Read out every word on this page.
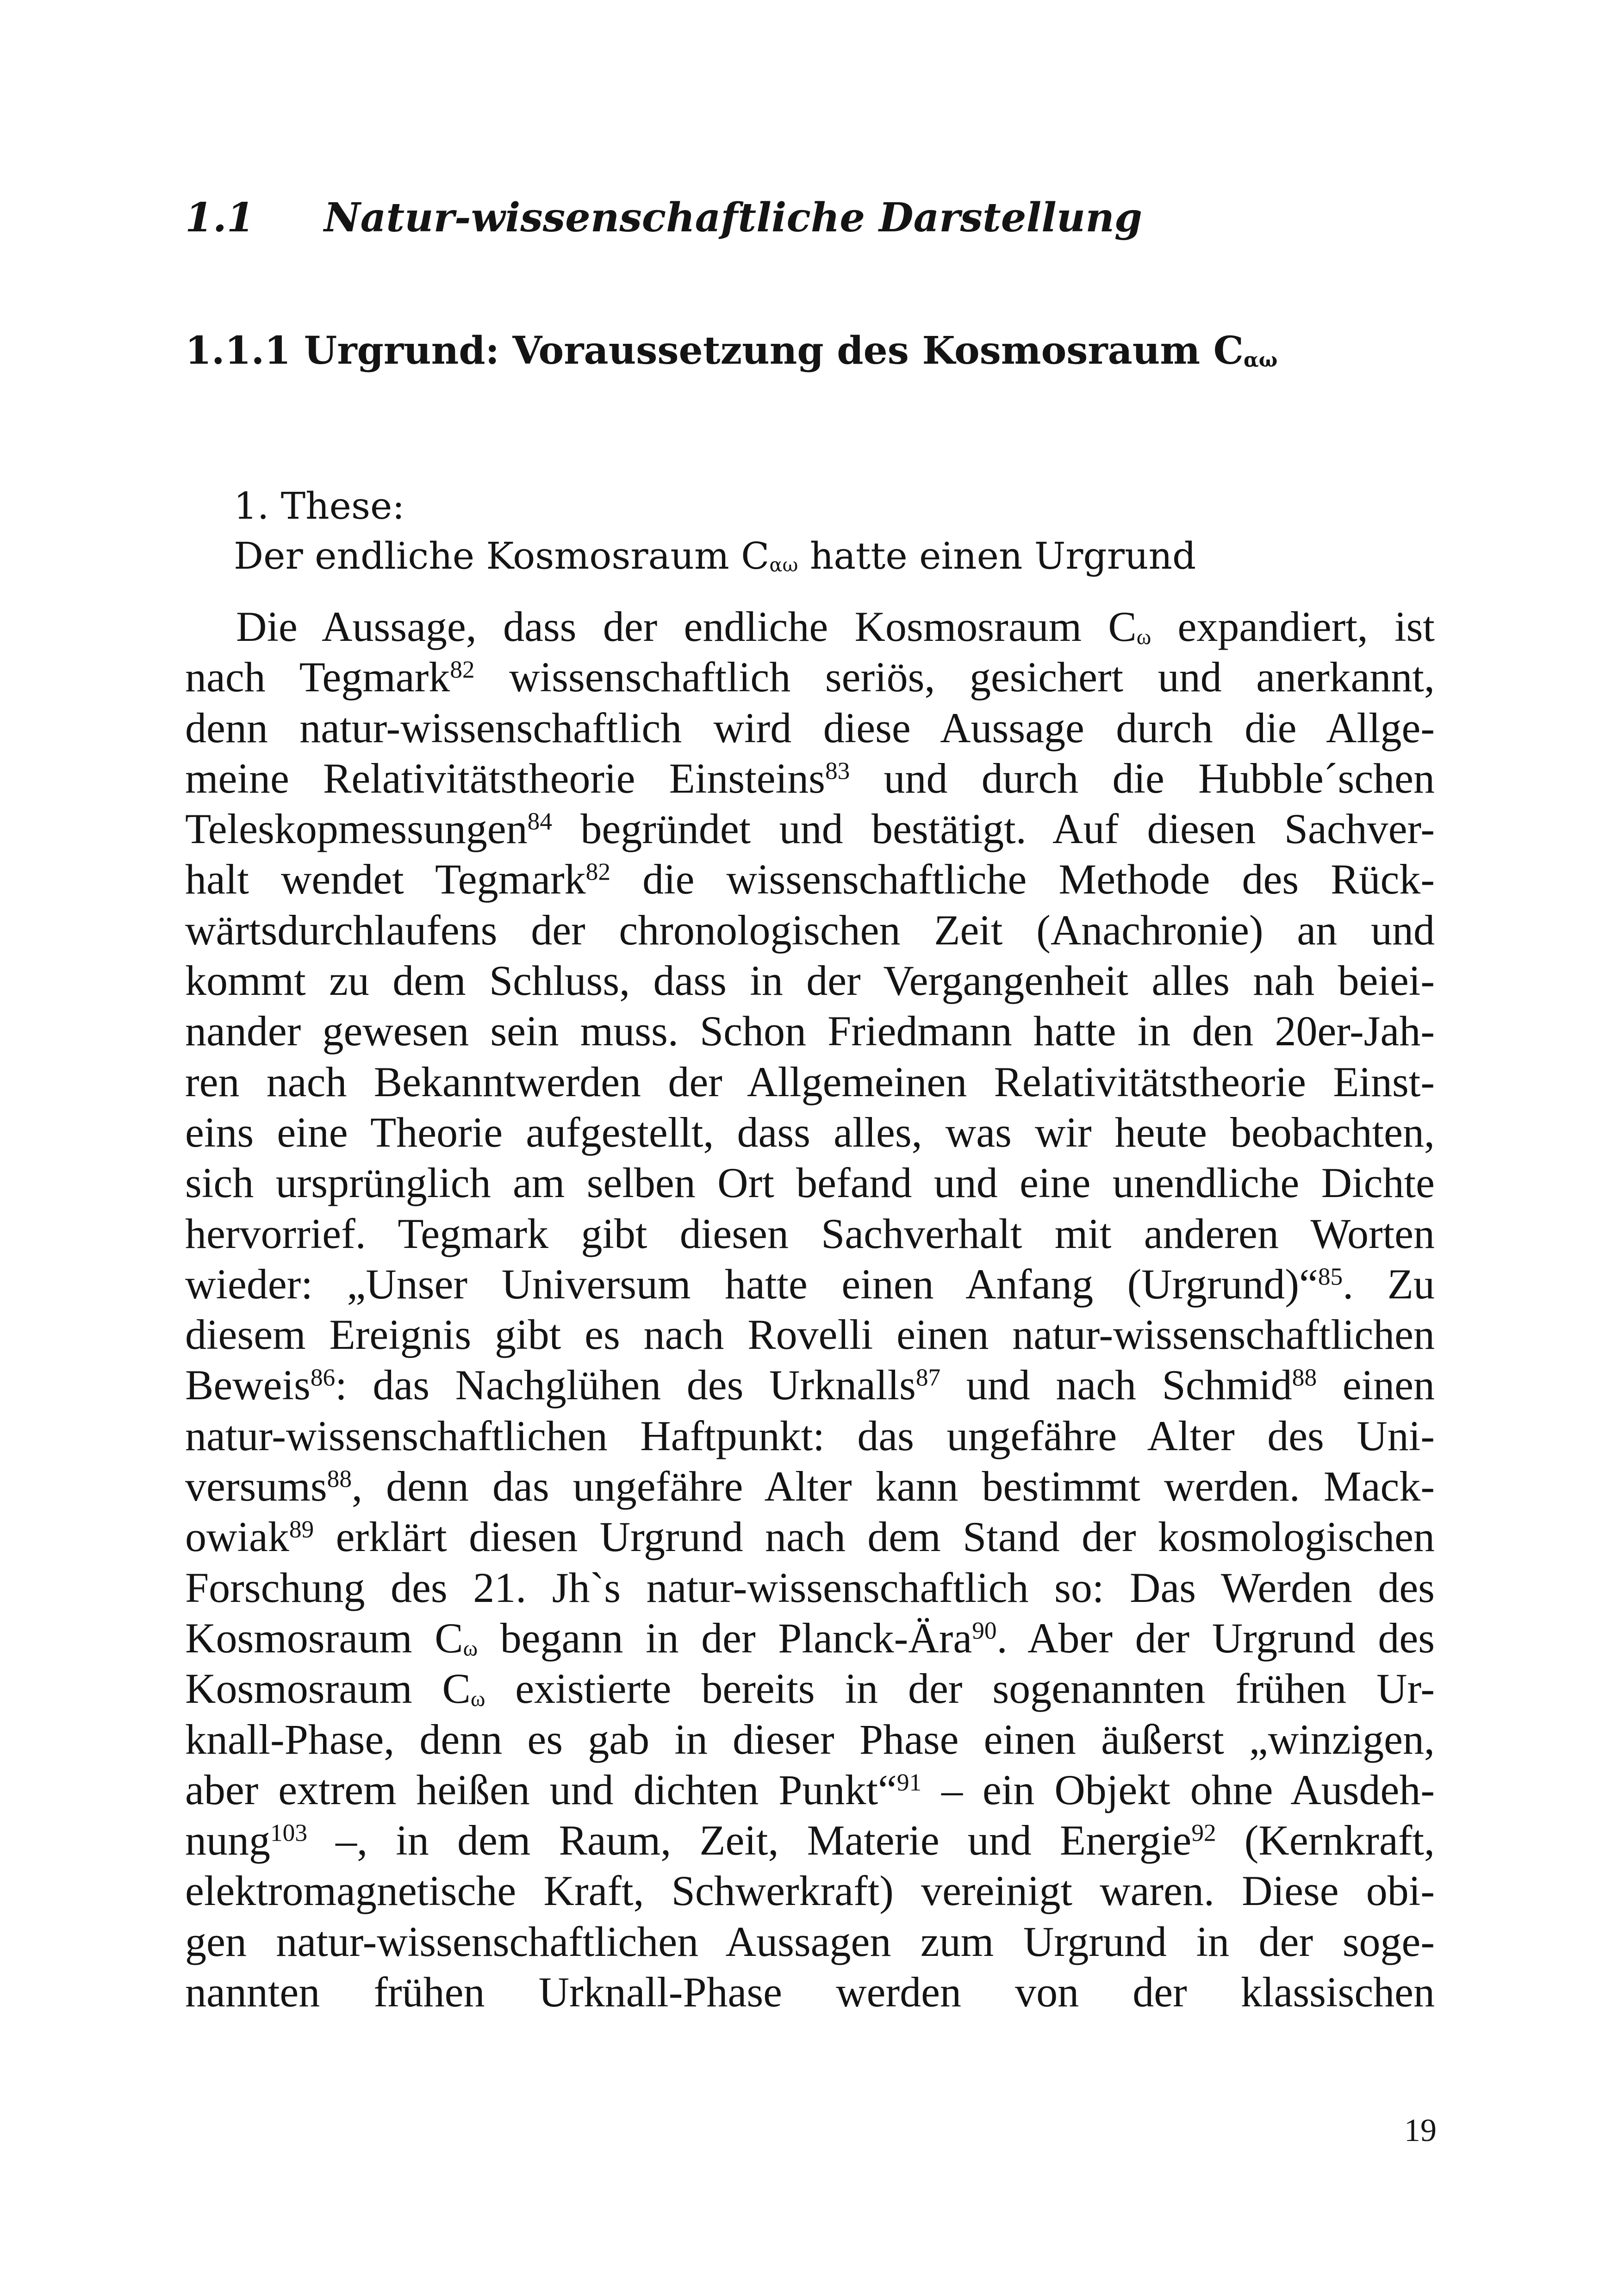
1.1 Natur-wissenschaftliche Darstellung
1.1.1 Urgrund: Voraussetzung des Kosmosraum $C_{\alpha\omega}$
1. These:
Der endliche Kosmosraum $C_{\alpha\omega}$ hatte einen Urgrund
Die Aussage, dass der endliche Kosmosraum $C_\omega$ expandiert, ist
nach Tegmark$^{82}$ wissenschaftlich seriös, gesichert und anerkannt,
denn natur-wissenschaftlich wird diese Aussage durch die Allge-
meine Relativitätstheorie Einsteins$^{83}$ und durch die Hubble´schen
Teleskopmessungen$^{84}$ begründet und bestätigt. Auf diesen Sachver-
halt wendet Tegmark$^{82}$ die wissenschaftliche Methode des Rück-
wärtsdurchlaufens der chronologischen Zeit (Anachronie) an und
kommt zu dem Schluss, dass in der Vergangenheit alles nah beiei-
nander gewesen sein muss. Schon Friedmann hatte in den 20er-Jah-
ren nach Bekanntwerden der Allgemeinen Relativitätstheorie Einst-
eins eine Theorie aufgestellt, dass alles, was wir heute beobachten,
sich ursprünglich am selben Ort befand und eine unendliche Dichte
hervorrief. Tegmark gibt diesen Sachverhalt mit anderen Worten
wieder: „Unser Universum hatte einen Anfang (Urgrund)“$^{85}$. Zu
diesem Ereignis gibt es nach Rovelli einen natur-wissenschaftlichen
Beweis$^{86}$: das Nachglühen des Urknalls$^{87}$ und nach Schmid$^{88}$ einen
natur-wissenschaftlichen Haftpunkt: das ungefähre Alter des Uni-
versums$^{88}$, denn das ungefähre Alter kann bestimmt werden. Mack-
owiak$^{89}$ erklärt diesen Urgrund nach dem Stand der kosmologischen
Forschung des 21. Jh`s natur-wissenschaftlich so: Das Werden des
Kosmosraum $C_\omega$ begann in der Planck-Ära$^{90}$. Aber der Urgrund des
Kosmosraum $C_\omega$ existierte bereits in der sogenannten frühen Ur-
knall-Phase, denn es gab in dieser Phase einen äußerst „winzigen,
aber extrem heißen und dichten Punkt“$^{91}$ – ein Objekt ohne Ausdeh-
nung$^{103}$ –, in dem Raum, Zeit, Materie und Energie$^{92}$ (Kernkraft,
elektromagnetische Kraft, Schwerkraft) vereinigt waren. Diese obi-
gen natur-wissenschaftlichen Aussagen zum Urgrund in der soge-
nannten frühen Urknall-Phase werden von der klassischen
19
